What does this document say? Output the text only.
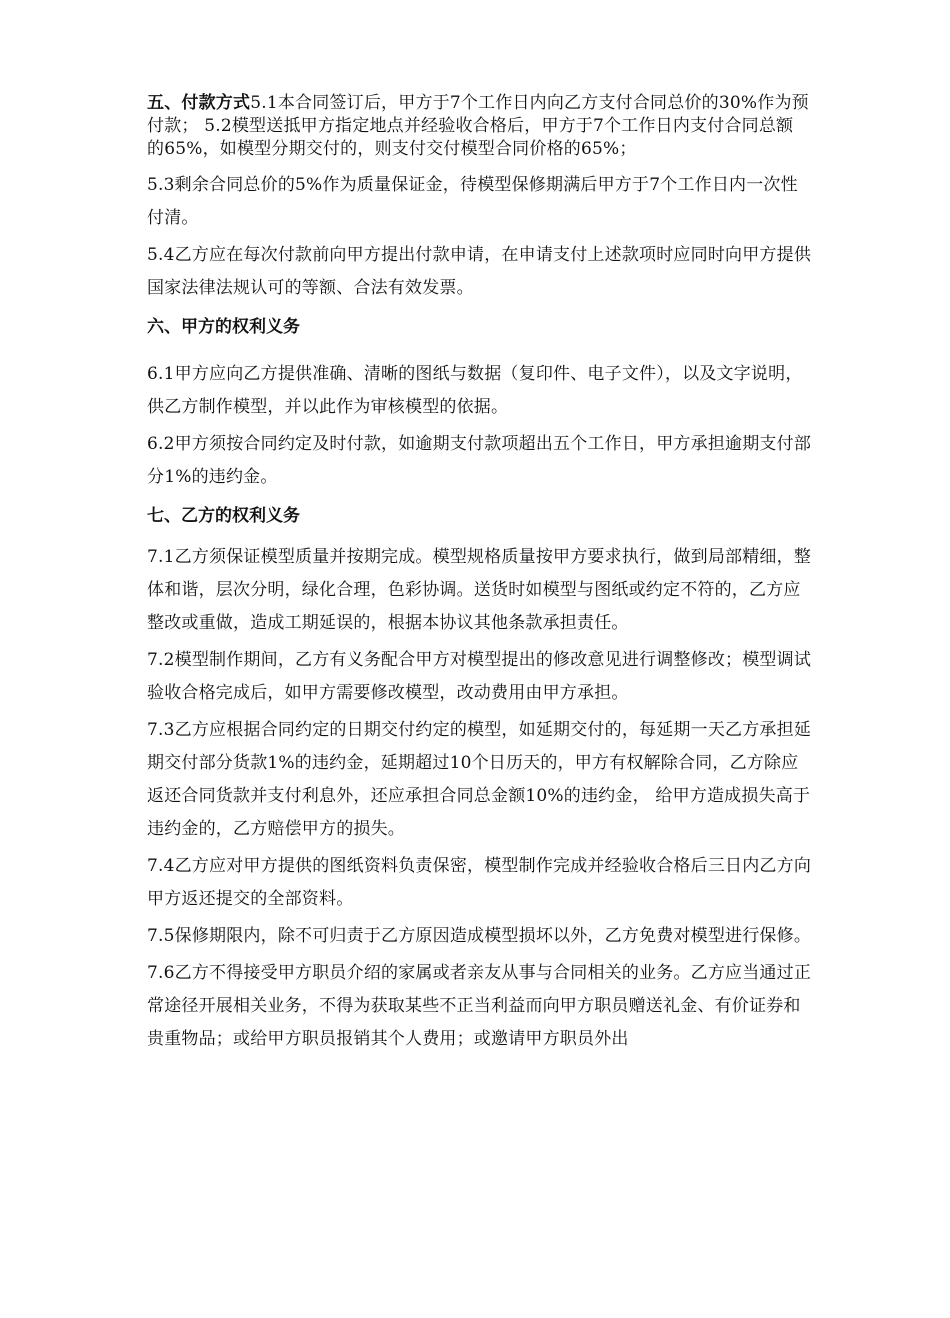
五、付款方式5.1本合同签订后，甲方于7个工作日内向乙方支付合同总价的30%作为预付款； 5.2模型送抵甲方指定地点并经验收合格后，甲方于7个工作日内支付合同总额 的65%，如模型分期交付的，则支付交付模型合同价格的65%；

5.3剩余合同总价的5%作为质量保证金，待模型保修期满后甲方于7个工作日内一次性付清。

5.4乙方应在每次付款前向甲方提出付款申请，在申请支付上述款项时应同时向甲方提供国家法律法规认可的等额、合法有效发票。

六、甲方的权利义务

6.1甲方应向乙方提供准确、清晰的图纸与数据（复印件、电子文件），以及文字说明，供乙方制作模型，并以此作为审核模型的依据。

6.2甲方须按合同约定及时付款，如逾期支付款项超出五个工作日，甲方承担逾期支付部分1%的违约金。

七、乙方的权利义务

7.1乙方须保证模型质量并按期完成。模型规格质量按甲方要求执行，做到局部精细，整体和谐，层次分明，绿化合理，色彩协调。送货时如模型与图纸或约定不符的，乙方应整改或重做，造成工期延误的，根据本协议其他条款承担责任。

7.2模型制作期间，乙方有义务配合甲方对模型提出的修改意见进行调整修改；模型调试验收合格完成后，如甲方需要修改模型，改动费用由甲方承担。

7.3乙方应根据合同约定的日期交付约定的模型，如延期交付的，每延期一天乙方承担延期交付部分货款1%的违约金，延期超过10个日历天的，甲方有权解除合同，乙方除应返还合同货款并支付利息外，还应承担合同总金额10%的违约金， 给甲方造成损失高于违约金的，乙方赔偿甲方的损失。

7.4乙方应对甲方提供的图纸资料负责保密，模型制作完成并经验收合格后三日内乙方向甲方返还提交的全部资料。

7.5保修期限内，除不可归责于乙方原因造成模型损坏以外，乙方免费对模型进行保修。

7.6乙方不得接受甲方职员介绍的家属或者亲友从事与合同相关的业务。乙方应当通过正常途径开展相关业务，不得为获取某些不正当利益而向甲方职员赠送礼金、有价证券和贵重物品；或给甲方职员报销其个人费用；或邀请甲方职员外出
